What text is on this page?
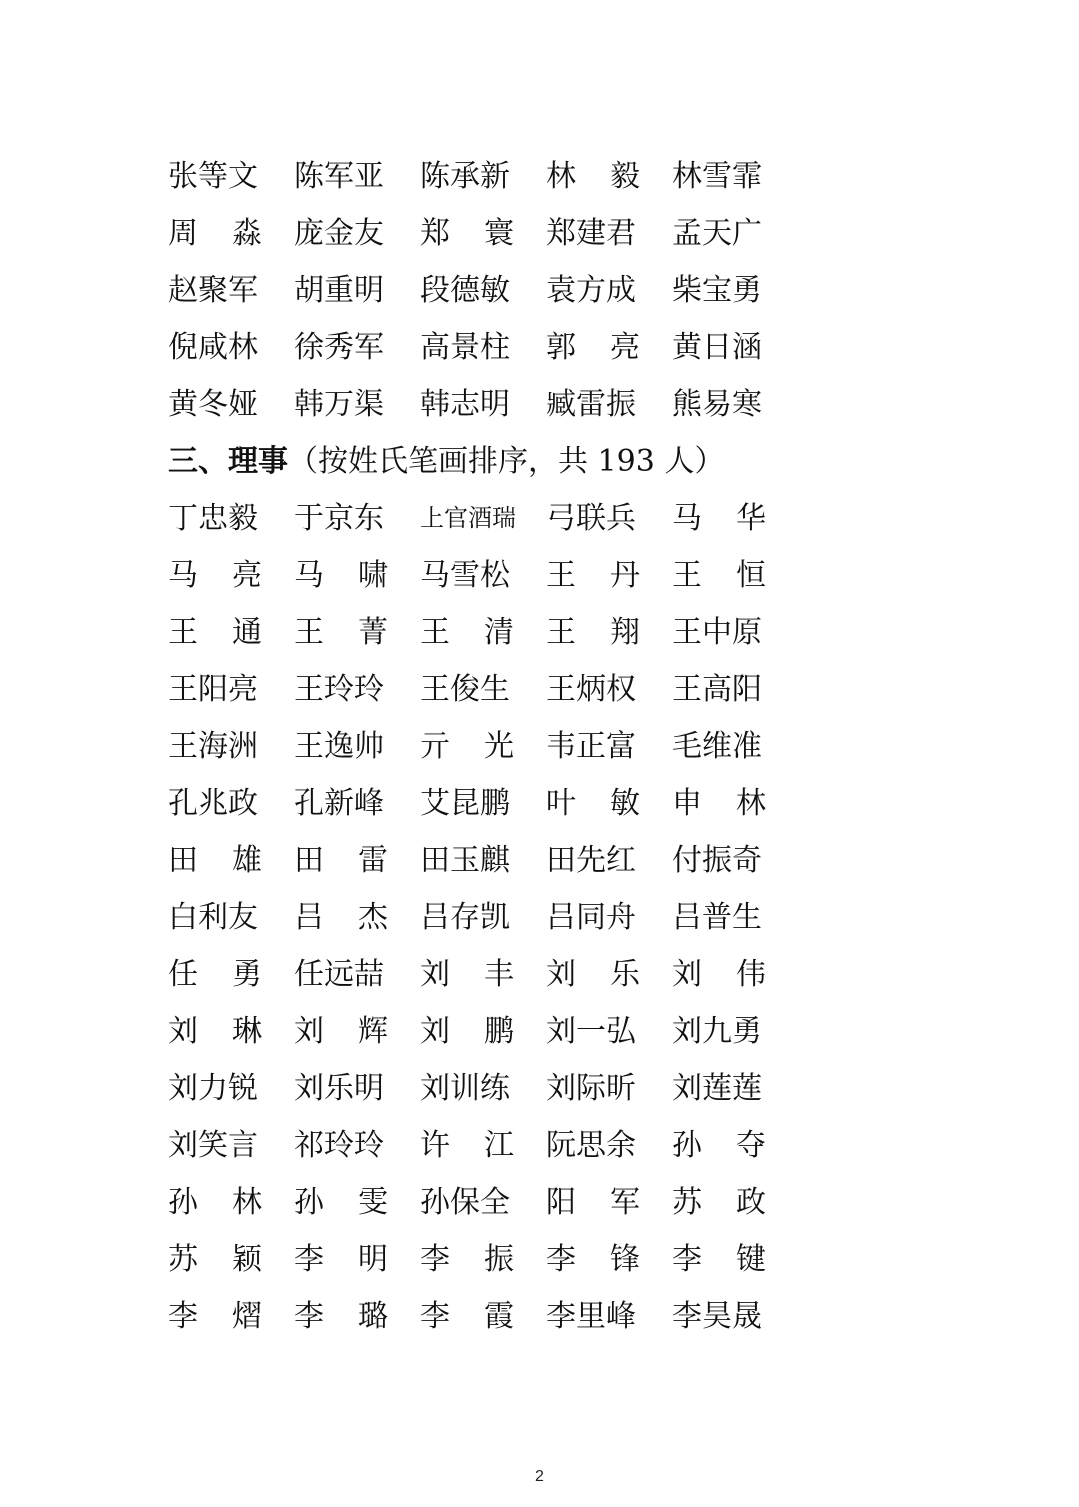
张等文	陈军亚	陈承新	林 毅	林雪霏
周 淼	庞金友	郑 寰	郑建君	孟天广
赵聚军	胡重明	段德敏	袁方成	柴宝勇
倪咸林	徐秀军	高景柱	郭 亮	黄日涵
黄冬娅	韩万渠	韩志明	臧雷振	熊易寒
三、理事（按姓氏笔画排序，共 193 人）
丁忠毅	于京东	上官酒瑞	弓联兵	马 华
马 亮	马 啸	马雪松	王 丹	王 恒
王 通	王 菁	王 清	王 翔	王中原
王阳亮	王玲玲	王俊生	王炳权	王高阳
王海洲	王逸帅	亓 光	韦正富	毛维准
孔兆政	孔新峰	艾昆鹏	叶 敏	申 林
田 雄	田 雷	田玉麒	田先红	付振奇
白利友	吕 杰	吕存凯	吕同舟	吕普生
任 勇	任远喆	刘 丰	刘 乐	刘 伟
刘 琳	刘 辉	刘 鹏	刘一弘	刘九勇
刘力锐	刘乐明	刘训练	刘际昕	刘莲莲
刘笑言	祁玲玲	许 江	阮思余	孙 夺
孙 林	孙 雯	孙保全	阳 军	苏 政
苏 颖	李 明	李 振	李 锋	李 键
李 熠	李 璐	李 霞	李里峰	李昊晟
2
